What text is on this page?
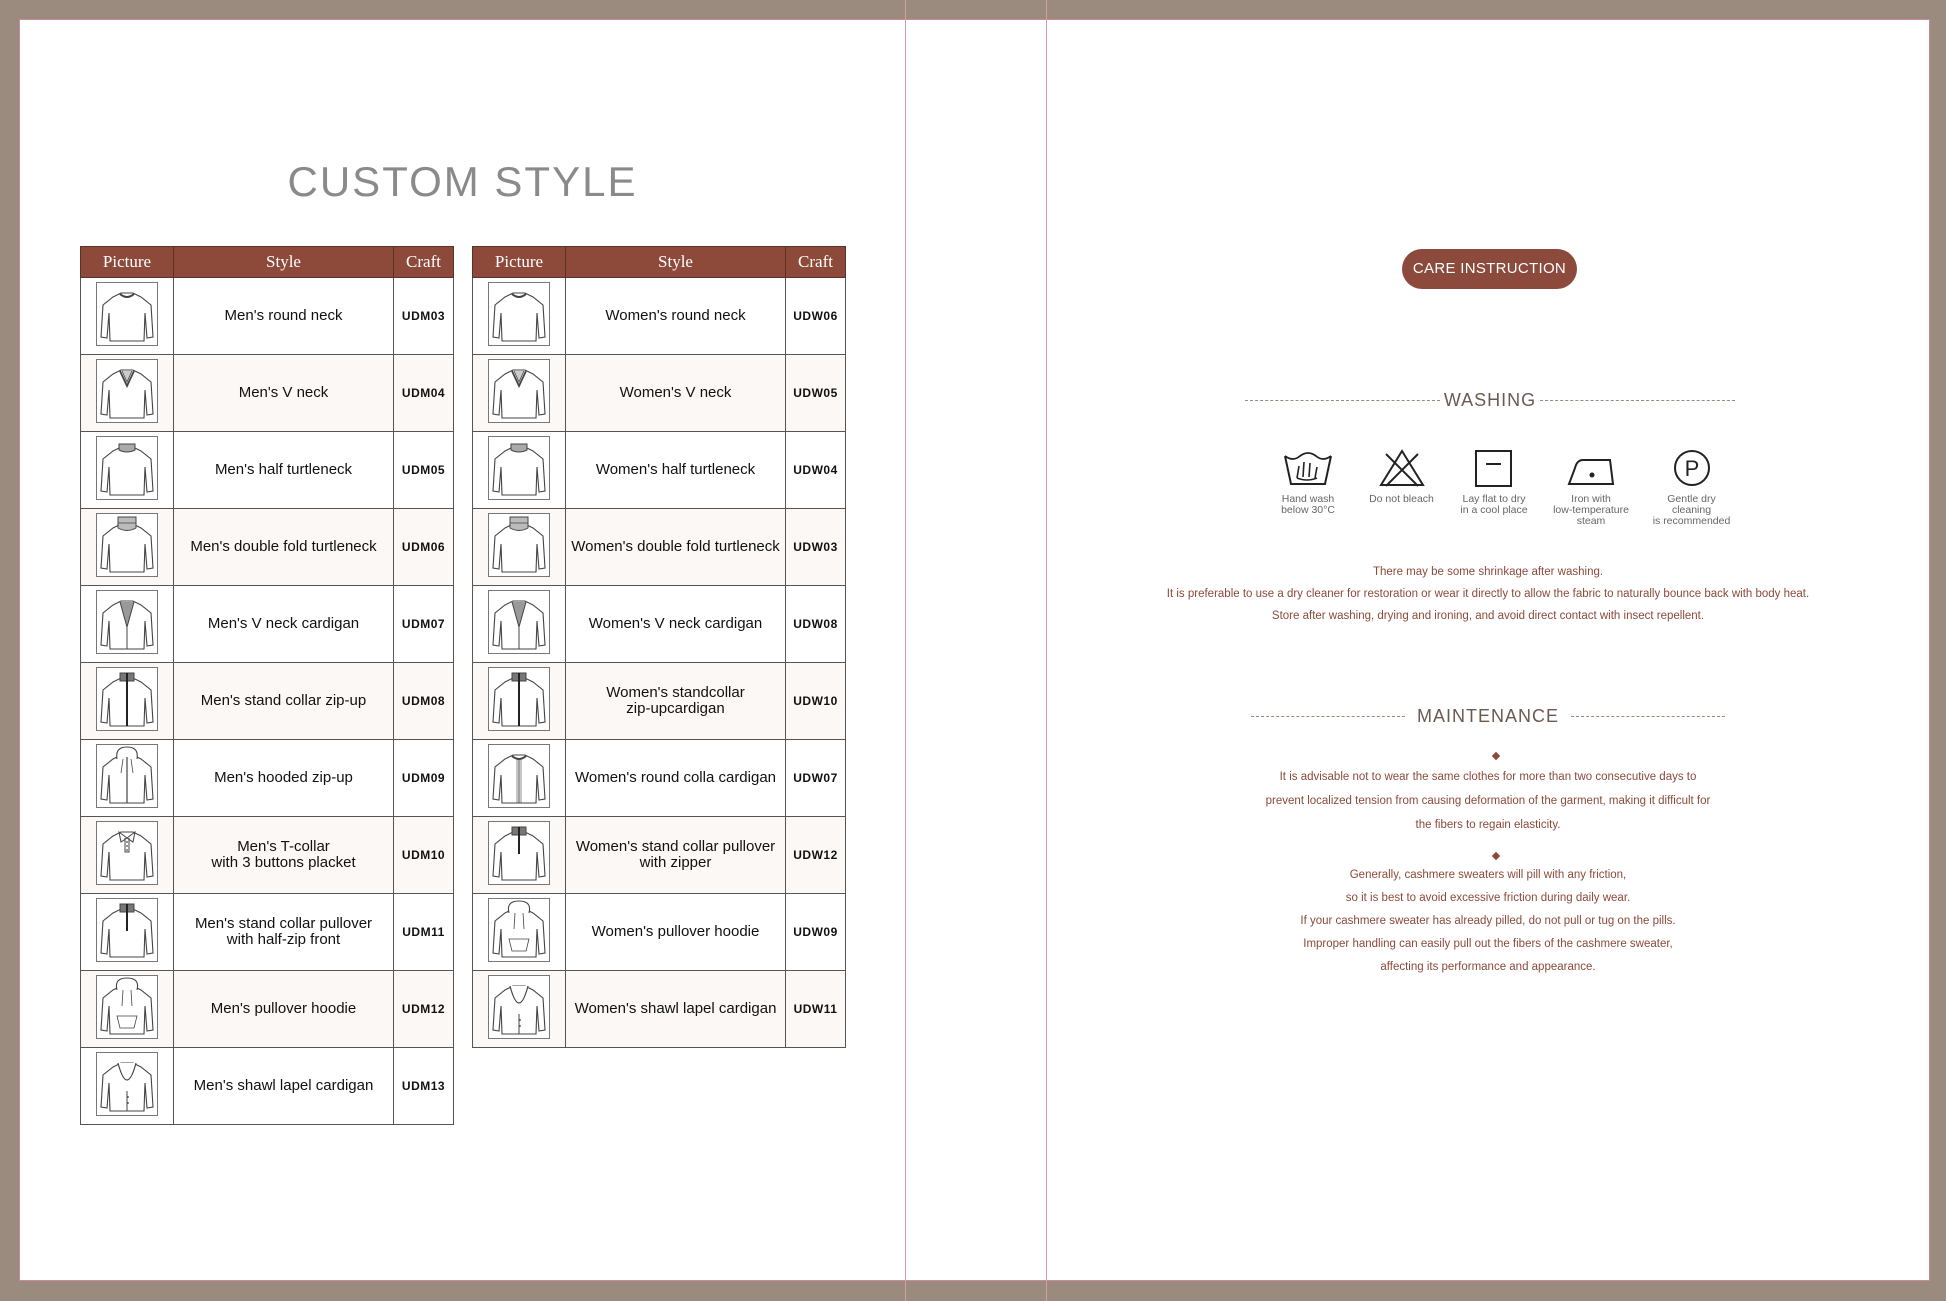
CUSTOM STYLE
Picture	Style	Craft

	Men's round neck	UDM03

	Men's V neck	UDM04

	Men's half turtleneck	UDM05

	Men's double fold turtleneck	UDM06

	Men's V neck cardigan	UDM07

	Men's stand collar zip-up	UDM08

	Men's hooded zip-up	UDM09

	Men's T-collar
with 3 buttons placket	UDM10

	Men's stand collar pullover
with half-zip front	UDM11

	Men's pullover hoodie	UDM12

	Men's shawl lapel cardigan	UDM13
Picture	Style	Craft

	Women's round neck	UDW06

	Women's V neck	UDW05

	Women's half turtleneck	UDW04

	Women's double fold turtleneck	UDW03

	Women's V neck cardigan	UDW08

	Women's standcollar
zip-upcardigan	UDW10

	Women's round colla cardigan	UDW07

	Women's stand collar pullover
with zipper	UDW12

	Women's pullover hoodie	UDW09

	Women's shawl lapel cardigan	UDW11
CARE INSTRUCTION
WASHING
Hand wash
below 30°C
Do not bleach	Lay flat to dry
in a cool place
Iron with
low-temperature
steam
P
Gentle dry
cleaning
is recommended
There may be some shrinkage after washing.
It is preferable to use a dry cleaner for restoration or wear it directly to allow the fabric to naturally bounce back with body heat.
Store after washing, drying and ironing, and avoid direct contact with insect repellent.
MAINTENANCE
It is advisable not to wear the same clothes for more than two consecutive days to
prevent localized tension from causing deformation of the garment, making it difficult for
the fibers to regain elasticity.
Generally, cashmere sweaters will pill with any friction,
so it is best to avoid excessive friction during daily wear.
If your cashmere sweater has already pilled, do not pull or tug on the pills.
Improper handling can easily pull out the fibers of the cashmere sweater,
affecting its performance and appearance.
